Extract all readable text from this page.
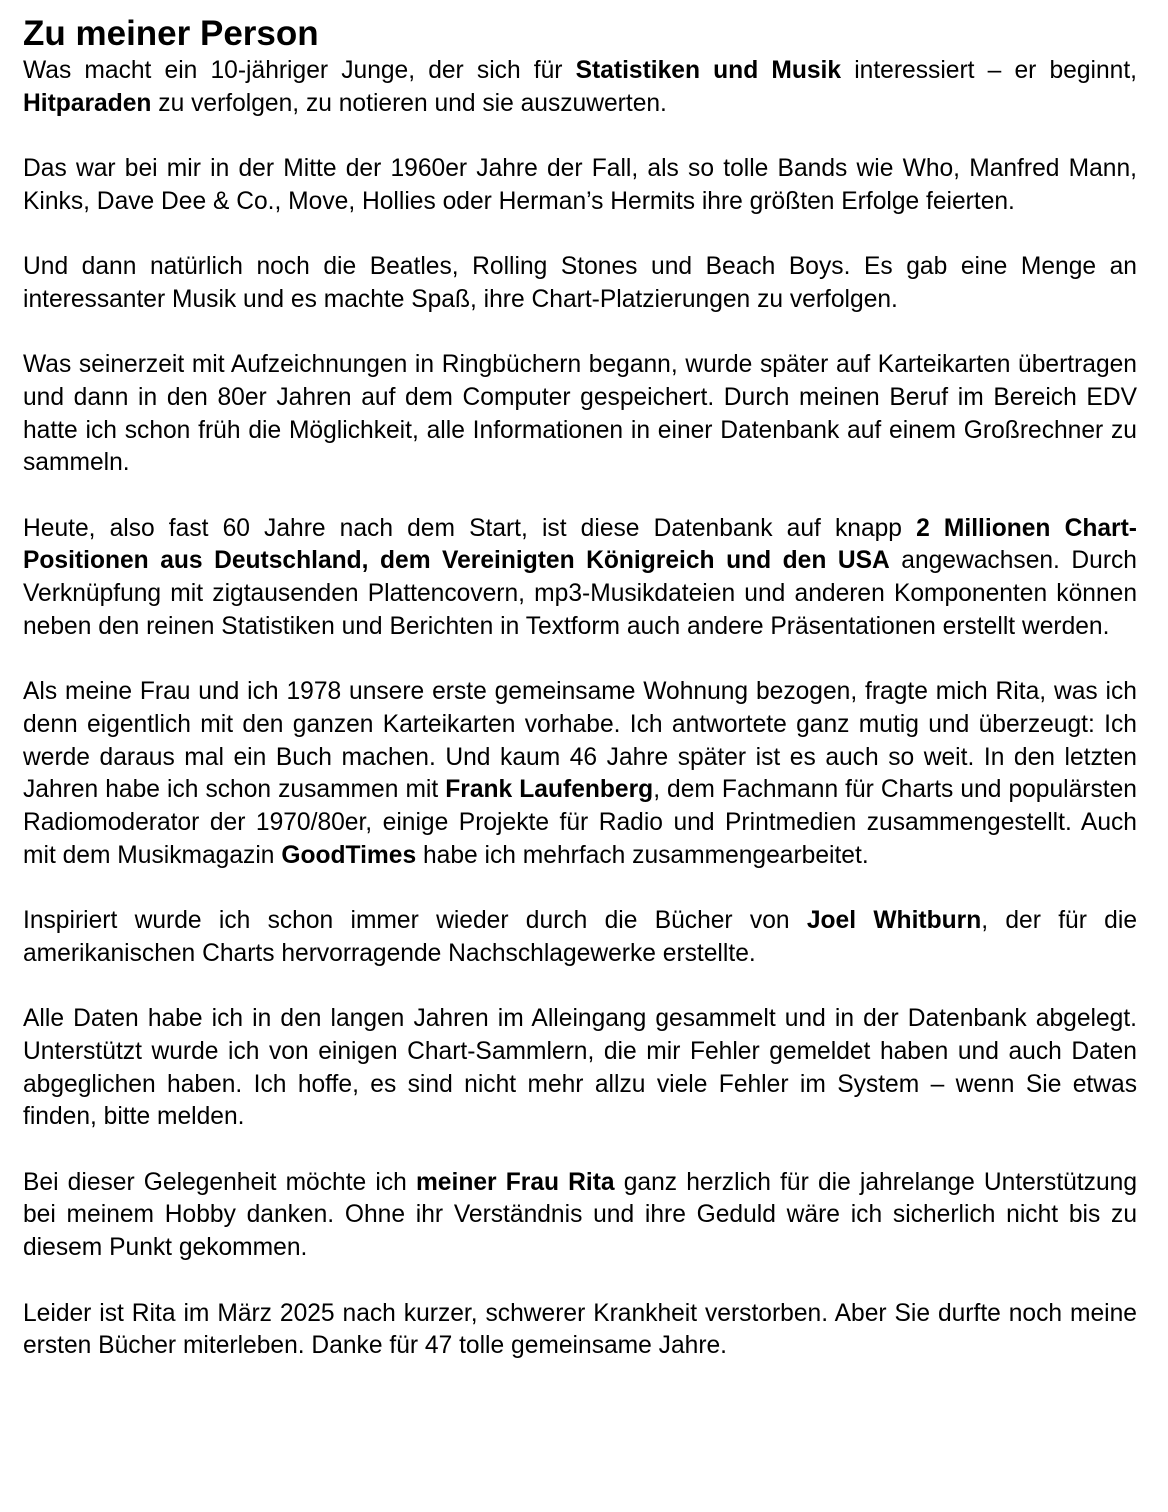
Zu meiner Person

Was macht ein 10-jähriger Junge, der sich für Statistiken und Musik interessiert – er beginnt, Hitparaden zu verfolgen, zu notieren und sie auszuwerten.

Das war bei mir in der Mitte der 1960er Jahre der Fall, als so tolle Bands wie Who, Manfred Mann, Kinks, Dave Dee & Co., Move, Hollies oder Herman’s Hermits ihre größten Erfolge feierten.

Und dann natürlich noch die Beatles, Rolling Stones und Beach Boys. Es gab eine Menge an interessanter Musik und es machte Spaß, ihre Chart-Platzierungen zu verfolgen.

Was seinerzeit mit Aufzeichnungen in Ringbüchern begann, wurde später auf Karteikarten übertragen und dann in den 80er Jahren auf dem Computer gespeichert. Durch meinen Beruf im Bereich EDV hatte ich schon früh die Möglichkeit, alle Informationen in einer Datenbank auf einem Großrechner zu sammeln.

Heute, also fast 60 Jahre nach dem Start, ist diese Datenbank auf knapp 2 Millionen Chart-Positionen aus Deutschland, dem Vereinigten Königreich und den USA angewachsen. Durch Verknüpfung mit zigtausenden Plattencovern, mp3-Musikdateien und anderen Komponenten können neben den reinen Statistiken und Berichten in Textform auch andere Präsentationen erstellt werden.

Als meine Frau und ich 1978 unsere erste gemeinsame Wohnung bezogen, fragte mich Rita, was ich denn eigentlich mit den ganzen Karteikarten vorhabe. Ich antwortete ganz mutig und überzeugt: Ich werde daraus mal ein Buch machen. Und kaum 46 Jahre später ist es auch so weit. In den letzten Jahren habe ich schon zusammen mit Frank Laufenberg, dem Fachmann für Charts und populärsten Radiomoderator der 1970/80er, einige Projekte für Radio und Printmedien zusammengestellt. Auch mit dem Musikmagazin GoodTimes habe ich mehrfach zusammengearbeitet.

Inspiriert wurde ich schon immer wieder durch die Bücher von Joel Whitburn, der für die amerikanischen Charts hervorragende Nachschlagewerke erstellte.

Alle Daten habe ich in den langen Jahren im Alleingang gesammelt und in der Datenbank abgelegt. Unterstützt wurde ich von einigen Chart-Sammlern, die mir Fehler gemeldet haben und auch Daten abgeglichen haben. Ich hoffe, es sind nicht mehr allzu viele Fehler im System – wenn Sie etwas finden, bitte melden.

Bei dieser Gelegenheit möchte ich meiner Frau Rita ganz herzlich für die jahrelange Unterstützung bei meinem Hobby danken. Ohne ihr Verständnis und ihre Geduld wäre ich sicherlich nicht bis zu diesem Punkt gekommen.

Leider ist Rita im März 2025 nach kurzer, schwerer Krankheit verstorben. Aber Sie durfte noch meine ersten Bücher miterleben. Danke für 47 tolle gemeinsame Jahre.
